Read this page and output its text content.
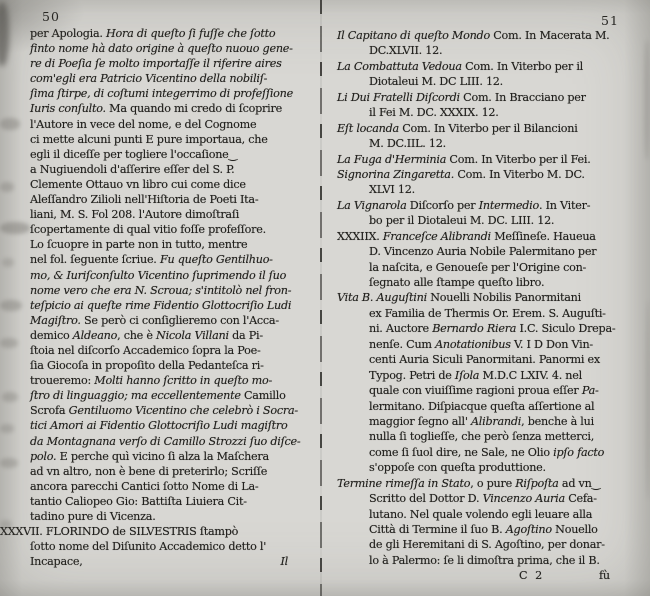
50	51
per Apologia. Hora di queſto ſi fuſſe che ſotto
finto nome hà dato origine à queſto nuouo gene-
re di Poeſia ſe molto importaſſe il riferire aires
com'egli era Patricio Vicentino della nobiliſ-
ſima ſtirpe, di coſtumi integerrimo di profeſſione
Iuris conſulto. Ma quando mi credo di ſcoprire
l'Autore in vece del nome, e del Cognome
ci mette alcuni punti E pure importaua, che
egli il diceſſe per togliere l'occaſione‿
a Nugiuendoli d'aſſerire eſſer del S. P.
Clemente Ottauo vn libro cui come dice
Aleſſandro Zilioli nell'Hiſtoria de Poeti Ita-
liani, M. S. Fol 208. l'Autore dimoſtraſi
ſcopertamente di qual vitio foſſe profeſſore.
Lo ſcuopre in parte non in tutto, mentre
nel fol. ſeguente ſcriue. Fu queſto Gentilhuo-
mo, & Iuriſconſulto Vicentino ſuprimendo il ſuo
nome vero che era N. Scroua; s'intitolò nel fron-
teſpicio ai queſte rime Fidentio Glottocriſio Ludi
Magiſtro. Se però ci conſiglieremo con l'Acca-
demico Aldeano, che è Nicola Villani da Pi-
ſtoia nel diſcorſo Accademico ſopra la Poe-
ſia Giocoſa in propoſito della Pedanteſca ri-
troueremo: Molti hanno ſcritto in queſto mo-
ſtro di linguaggio; ma eccellentemente Camillo
Scrofa Gentiluomo Vicentino che celebrò i Socra-
tici Amori ai Fidentio Glottocriſio Ludi magiſtro
da Montagnana verſo di Camillo Strozzi ſuo diſce-
polo. E perche quì vicino ſi alza la Maſchera
ad vn altro, non è bene di preterirlo; Scriſſe
ancora parecchi Cantici ſotto Nome di La-
tantio Caliopeo Gio: Battiſta Liuiera Cit-
tadino pure di Vicenza.
XXXVII. FLORINDO de SILVESTRIS ſtampò
ſotto nome del Diſunito Accademico detto l'
Incapace,	Il
Il Capitano di queſto Mondo Com. In Macerata M.
DC.XLVII. 12.
La Combattuta Vedoua Com. In Viterbo per il
Diotaleui M. DC LIII. 12.
Li Dui Fratelli Diſcordi Com. In Bracciano per
il Fei M. DC. XXXIX. 12.
Eſt locanda Com. In Viterbo per il Bilancioni
M. DC.IIL. 12.
La Fuga d'Herminia Com. In Viterbo per il Fei.
Signorina Zingaretta. Com. In Viterbo M. DC.
XLVI 12.
La Vignarola Diſcorſo per Intermedio. In Viter-
bo per il Diotaleui M. DC. LIII. 12.
XXXIIX. Franceſce Alibrandi Meſſineſe. Haueua
D. Vincenzo Auria Nobile Palermitano per
la naſcita, e Genoueſe per l'Origine con-
ſegnato alle ſtampe queſto libro.
Vita B. Auguſtini Nouelli Nobilis Panormitani
ex Familia de Thermis Or. Erem. S. Auguſti-
ni. Auctore Bernardo Riera I.C. Siculo Drepa-
nenſe. Cum Anotationibus V. I D Don Vin-
centi Auria Siculi Panormitani. Panormi ex
Typog. Petri de Iſola M.D.C LXIV. 4. nel
quale con viuiſſime ragioni proua eſſer Pa-
lermitano. Diſpiacque queſta aſſertione al
maggior ſegno all' Alibrandi, benche à lui
nulla ſi toglieſſe, che però ſenza metterci,
come ſi ſuol dire, ne Sale, ne Olio ipſo facto
s'oppoſe con queſta produttione.
Termine rimeſſa in Stato, o pure Riſpoſta ad vn‿
Scritto del Dottor D. Vincenzo Auria Cefa-
lutano. Nel quale volendo egli leuare alla
Città di Termine il ſuo B. Agoſtino Nouello
de gli Heremitani di S. Agoſtino, per donar-
lo à Palermo: ſe li dimoſtra prima, che il B.
C 2	fù
